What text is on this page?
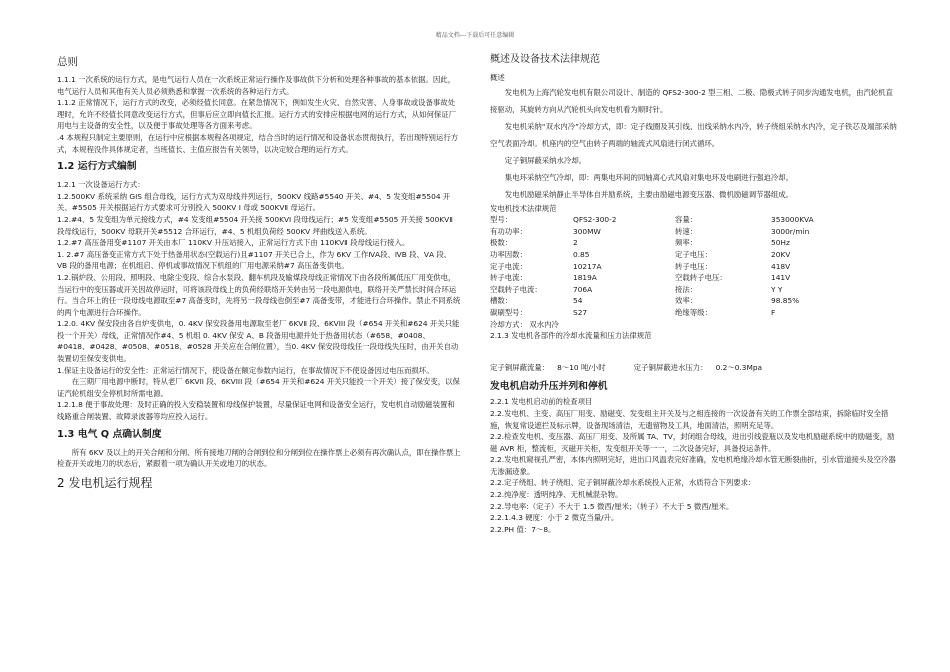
精品文档---下载后可任意编辑
总则

1.1.1 一次系统的运行方式，是电气运行人员在一次系统正常运行操作及事故供下分析和处理各种事故的基本依据。因此，电气运行人员和其他有关人员必须熟悉和掌握一次系统的各种运行方式。

1.1.2 正常情况下，运行方式的改变，必须经值长同意。在紧急情况下，例如发生火灾、自然灾害、人身事故或设备事故处理时，允许不经值长同意改变运行方式，但事后应立即向值长汇报。运行方式的安排应根据电网的运行方式，从如何保证厂用电与主设备的安全性，以及便于事故处理等各方面来考虑。

.4 本规程只制定主要原则，在运行中应根据本规程各项规定，结合当时的运行情况和设备状态贯彻执行，若出现特别运行方式，本规程没作具体规定者，当班值长、主值应报告有关领导，以决定较合理的运行方式。

1.2 运行方式编制

1.2.1 一次设备运行方式：

1.2.500KV 系统采纳 GIS 组合母线，运行方式为双母线并列运行，500KV 线路#5540 开关、#4、5 发变组#5504 开关、#5505 开关根据运行方式要求可分别投入 500KV Ⅰ 母或 500KVⅡ 母运行。

1.2.#4、5 发变组为单元接线方式，#4 发变组#5504 开关接 500KVⅠ 段母线运行；#5 发变组#5505 开关接 500KVⅡ 段母线运行，500KV 母联开关#5512 合环运行，#4、5 机组负荷经 500KV 坪曲线送入系统。

1.2.#7 高压备用变#1107 开关由本厂 110KV 升压站接入，正常运行方式下由 110KVⅡ 段母线运行接入。

1. 2.#7 高压备变正常方式下处于热备用状态(空载运行)且#1107 开关已合上，作为 6KV 工作ⅣA段、ⅣB 段、ⅤA 段、ⅤB 段的备用电源；在机组启、停机或事故情况下机组的厂用电源采纳#7 高压备变供电。

1.2.锅炉段、公用段、照明段、电除尘变段、综合水泵段、翻车机段及输煤段母线正常情况下由各段所属低压厂用变供电，当运行中的变压器或开关因故停运时，可将该段母线上的负荷经联络开关转由另一段电源供电，联络开关严禁长时间合环运行。当合环上的任一段母线电源取至#7 高备变时，先将另一段母线也倒至#7 高备变带，才能进行合环操作。禁止不同系统的两个电源进行合环操作。

1.2.0. 4KV 保安段由各自炉变供电，0. 4KV 保安段备用电源取至老厂 6KVⅡ 段、6KVIII 段（#654 开关和#624 开关只能投一个开关）母线，正常情况作#4、5 机组 0. 4KV 保安 A、B 段备用电源并处于热备用状态（#658、#0408、#0418、#0428、#0508、#0518、#0528 开关应在合闸位置），当0. 4KV 保安段母线任一段母线失压时，由开关自动装置切至保安变供电。

1.保证主设备运行的安全性：正常运行情况下，使设备在额定参数内运行，在事故情况下不使设备因过电压而损坏。

在三期厂用电源中断时，特从老厂 6KVII 段、6KVIII 段（#654 开关和#624 开关只能投一个开关）接了保安变，以保证汽轮机组安全停机时所需电源。

1.2.1.8 便于事故处理：及时正确的投入安稳装置和母线保护装置，尽量保证电网和设备安全运行，发电机自动励磁装置和线路重合闸装置、故障录波器等均应投入运行。

1.3 电气 Q 点确认制度

所有 6KV 及以上的开关合闸和分闸、所有接地刀闸的合闸到位和分闸到位在操作票上必须有再次确认点，即在操作票上检查开关或地刀的状态后，紧跟着一项为确认开关或地刀的状态。

2 发电机运行规程
概述及设备技术法律规范

概述

发电机为上海汽轮发电机有限公司设计、制造的 QFS2-300-2 型三相、二极、隐极式转子同步沟通发电机，由汽轮机直接驱动，其旋转方向从汽轮机头向发电机看为顺时针。

发电机采纳“双水内冷”冷却方式，即：定子线圈及其引线、出线采纳水内冷，转子绕组采纳水内冷，定子铁芯及端部采纳空气表面冷却。机座内的空气由转子两端的轴流式风扇进行闭式循环。

定子铜屏蔽采纳水冷却。

集电环采纳空气冷却，即：两集电环间的同轴离心式风扇对集电环及电刷进行强迫冷却。

发电机励磁采纳静止半导体自并励系统，主要由励磁电源变压器、微机励磁调节器组成。

发电机技术法律规范

型号：	QFS2-300-2	容量：	353000KVA
有功功率：	300MW	转速：	3000r/min
极数：	2	频率：	50Hz
功率因数：	0.85	定子电压：	20KV
定子电流：	10217A	转子电压：	418V
转子电流：	1819A	空载转子电压：	141V
空载转子电流：	706A	接法：	Y Y
槽数：	54	效率：	98.85%
碳刷型号：	S27	绝缘等级：	F

冷却方式： 双水内冷

2.1.3 发电机各部件的冷却水流量和压力法律规范

定子铜屏蔽流量： 8～10 吨/小时	定子铜屏蔽进水压力： 0.2～0.3Mpa
发电机启动升压并列和停机

2.2.1 发电机启动前的检查项目

2.2.发电机、主变、高压厂用变、励磁变、发变组主开关及与之相连接的一次设备有关的工作票全部结束，拆除临时安全措施，恢复常设遮拦及标示牌，设备现场清洁，无遗留物及工具，地面清洁，照明充足等。

2.2.检查发电机、变压器、高压厂用变、及所属 TA、TV，封闭组合母线，进出引线瓷瓶以及发电机励磁系统中的励磁变，励磁 AVR 柜，整流柜，灭磁开关柜，发变组开关等一一，二次设备完好，具备投运条件。

2.2.发电机窥视孔严密，本体内照明完好，进出口风温表完好准确，发电机绝缘冷却水管无断裂曲折，引水管道接头及空冷器无渗漏迹象。

2.2.定子绕组、转子绕组、定子铜屏蔽冷却水系统投入正常，水质符合下列要求：

2.2.纯净度：透明纯净、无机械混杂物。

2.2.导电率:（定子）不大于 1.5 微西/厘米；（转子）不大于 5 微西/厘米。

2.2.1.4.3 硬度：小于 2 微克当量/升。

2.2.PH 值：7～8。
